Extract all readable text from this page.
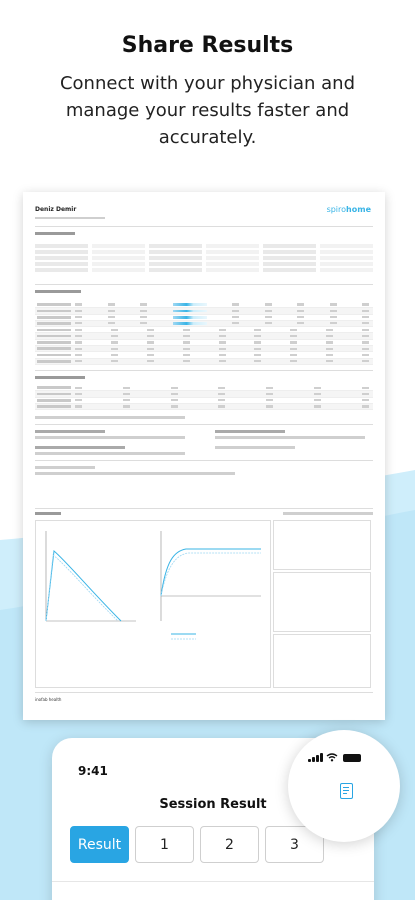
Share Results
Connect with your physician and manage your results faster and accurately.
Deniz Demir	spirohome
inofab health
9:41
Session Result
Result	1	2	3
